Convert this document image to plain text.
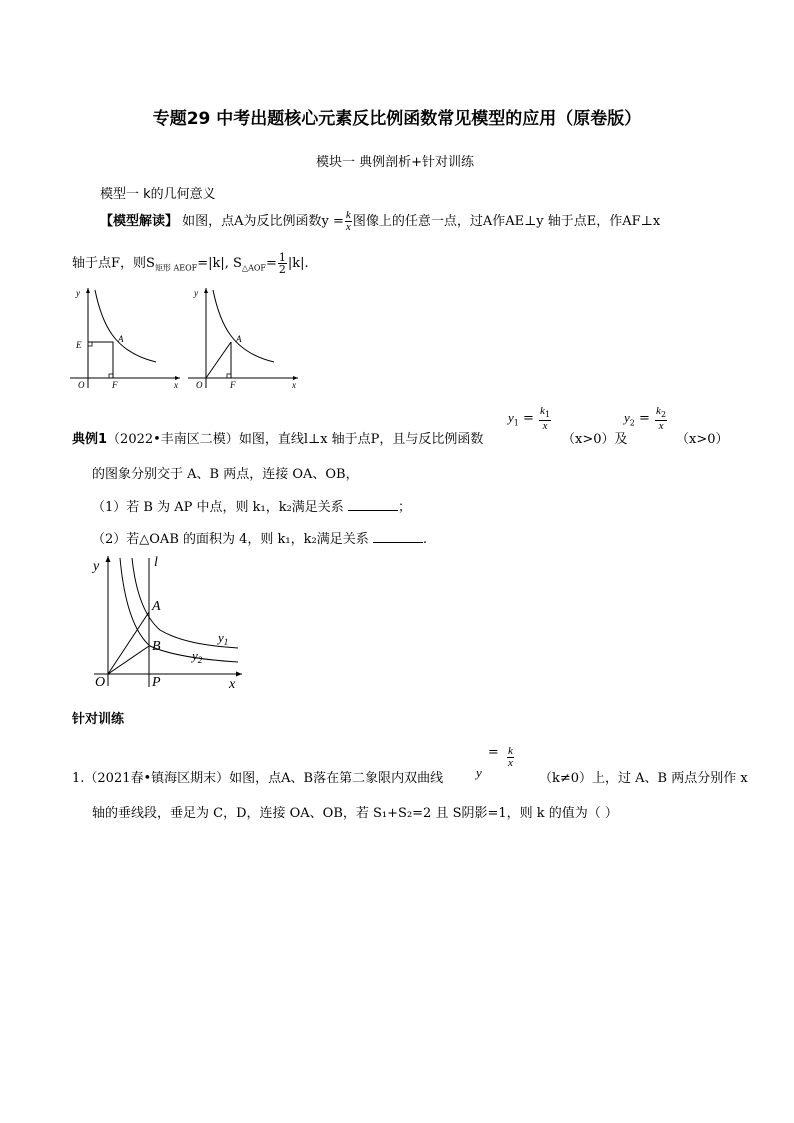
专题29 中考出题核心元素反比例函数常见模型的应用（原卷版）
模块一 典例剖析+针对训练
模型一 k的几何意义
【模型解读】 如图，点A为反比例函数$y = \frac{k}{x}$ 图像上的任意一点，过A作AE⊥y 轴于点E，作AF⊥x
轴于点F，则$S_{矩形 AEOF}=|k|$, $S_{\triangle AOF}= \frac{1}{2} |k|$.
y
x
O
E
F
A
y
x
O	F
A
典例1（2022•丰南区二模）如图，直线l⊥x 轴于点P，且与反比例函数
$y_1 = \frac{k_1}{x}$
（x>0）及
$y_2 = \frac{k_2}{x}$
（x>0）
的图象分别交于 A、B 两点，连接 OA、OB，
（1）若 B 为 AP 中点，则 k₁，k₂满足关系	；
（2）若△OAB 的面积为 4，则 k₁，k₂满足关系	.
y	l
A
B
O	P	x
$y_1$
$y_2$
针对训练
1.（2021春•镇海区期末）如图，点A、B落在第二象限内双曲线	y

=
$\frac{k}{x}$
（k≠0）上，过 A、B 两点分别作 x
轴的垂线段，垂足为 C，D，连接 OA、OB，若 S₁+S₂=2 且 S阴影=1，则 k 的值为（ ）
